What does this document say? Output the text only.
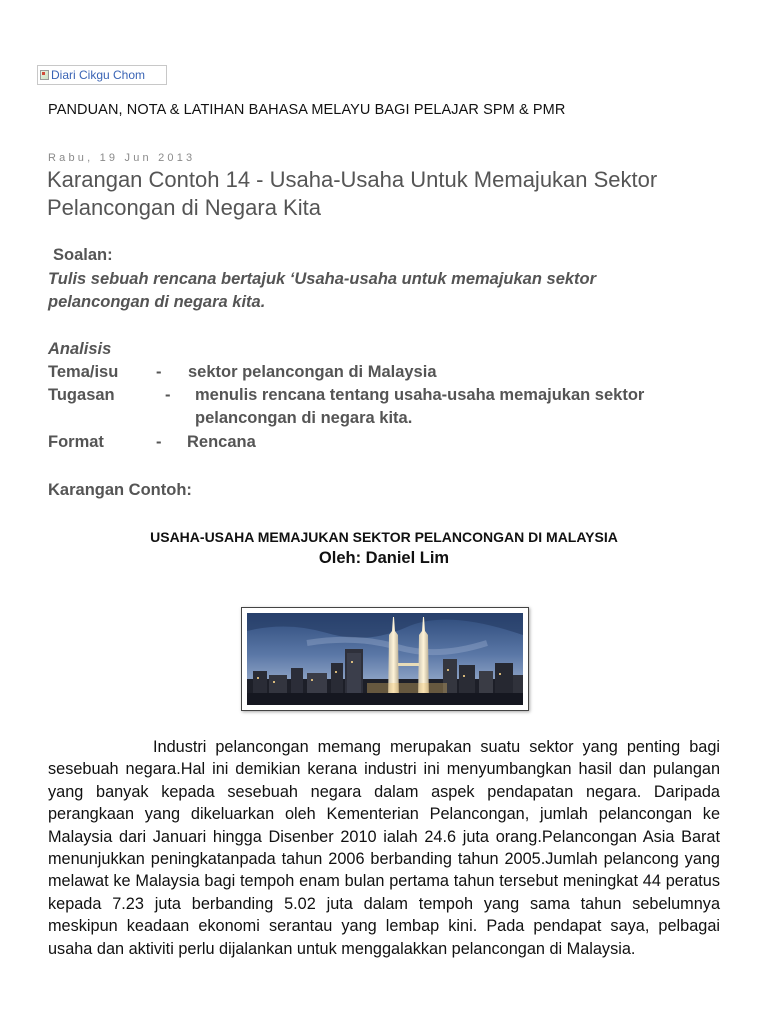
Diari Cikgu Chom
PANDUAN, NOTA & LATIHAN BAHASA MELAYU BAGI PELAJAR SPM & PMR
Rabu, 19 Jun 2013
Karangan Contoh 14 - Usaha-Usaha Untuk Memajukan Sektor Pelancongan di Negara Kita
Soalan:
Tulis sebuah rencana bertajuk ‘Usaha-usaha untuk memajukan sektor
pelancongan di negara kita.
Analisis
Tema/isu - sektor pelancongan di Malaysia
Tugasan	- menulis rencana tentang usaha-usaha memajukan sektor
pelancongan di negara kita.
Format	- Rencana
Karangan Contoh:
USAHA-USAHA MEMAJUKAN SEKTOR PELANCONGAN DI MALAYSIA
Oleh: Daniel Lim
Industri pelancongan memang merupakan suatu sektor yang penting bagi sesebuah negara.Hal ini demikian kerana industri ini menyumbangkan hasil dan pulangan yang banyak kepada sesebuah negara dalam aspek pendapatan negara. Daripada perangkaan yang dikeluarkan oleh Kementerian Pelancongan, jumlah pelancongan ke Malaysia dari Januari hingga Disenber 2010 ialah 24.6 juta orang.Pelancongan Asia Barat menunjukkan peningkatanpada tahun 2006 berbanding tahun 2005.Jumlah pelancong yang melawat ke Malaysia bagi tempoh enam bulan pertama tahun tersebut meningkat 44 peratus kepada 7.23 juta berbanding 5.02 juta dalam tempoh yang sama tahun sebelumnya meskipun keadaan ekonomi serantau yang lembap kini. Pada pendapat saya, pelbagai usaha dan aktiviti perlu dijalankan untuk menggalakkan pelancongan di Malaysia.
